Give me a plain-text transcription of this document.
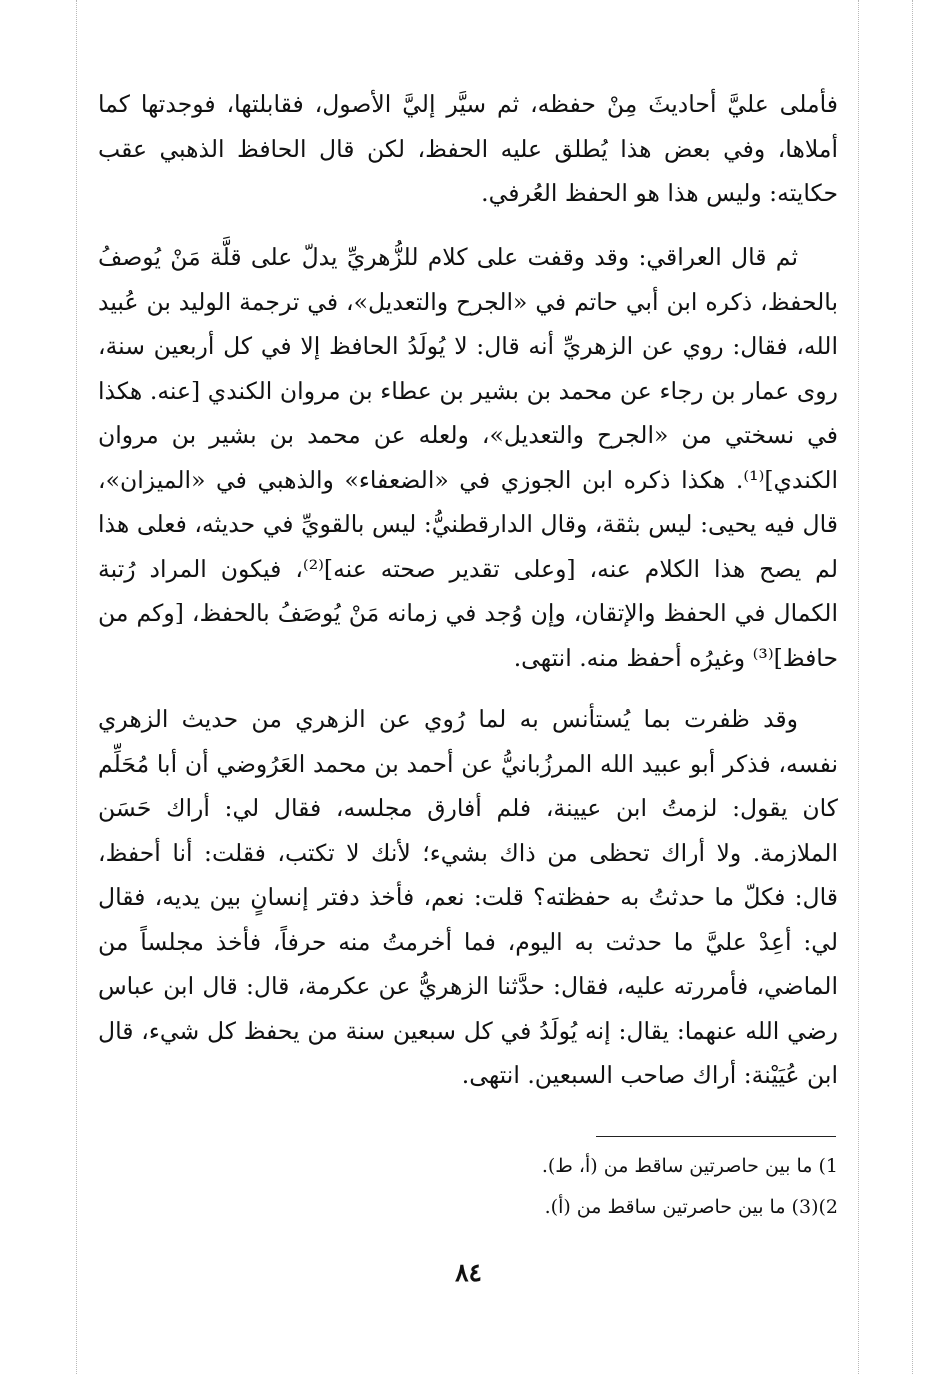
فأملى عليَّ أحاديثَ مِنْ حفظه، ثم سيَّر إليَّ الأصول، فقابلتها، فوجدتها كما أملاها، وفي بعض هذا يُطلق عليه الحفظ، لكن قال الحافظ الذهبي عقب حكايته: وليس هذا هو الحفظ العُرفي.

ثم قال العراقي: وقد وقفت على كلام للزُّهريِّ يدلّ على قلَّة مَنْ يُوصفُ بالحفظ، ذكره ابن أبي حاتم في «الجرح والتعديل»، في ترجمة الوليد بن عُبيد الله، فقال: روي عن الزهريِّ أنه قال: لا يُولَدُ الحافظ إلا في كل أربعين سنة، روى عمار بن رجاء عن محمد بن بشير بن عطاء بن مروان الكندي [عنه. هكذا في نسختي من «الجرح والتعديل»، ولعله عن محمد بن بشير بن مروان الكندي]⁽¹⁾. هكذا ذكره ابن الجوزي في «الضعفاء» والذهبي في «الميزان»، قال فيه يحيى: ليس بثقة، وقال الدارقطنيُّ: ليس بالقويِّ في حديثه، فعلى هذا لم يصح هذا الكلام عنه، [وعلى تقدير صحته عنه]⁽²⁾، فيكون المراد رُتبة الكمال في الحفظ والإتقان، وإن وُجد في زمانه مَنْ يُوصَفُ بالحفظ، [وكم من حافظ]⁽³⁾ وغيرُه أحفظ منه. انتهى.

وقد ظفرت بما يُستأنس به لما رُوي عن الزهري من حديث الزهري نفسه، فذكر أبو عبيد الله المرزُبانيُّ عن أحمد بن محمد العَرُوضي أن أبا مُحَلِّم كان يقول: لزمتُ ابن عيينة، فلم أفارق مجلسه، فقال لي: أراك حَسَن الملازمة. ولا أراك تحظى من ذاك بشيء؛ لأنك لا تكتب، فقلت: أنا أحفظ، قال: فكلّ ما حدثتُ به حفظته؟ قلت: نعم، فأخذ دفتر إنسانٍ بين يديه، فقال لي: أعِدْ عليَّ ما حدثت به اليوم، فما أخرمتُ منه حرفاً، فأخذ مجلساً من الماضي، فأمررته عليه، فقال: حدَّثنا الزهريُّ عن عكرمة، قال: قال ابن عباس رضي الله عنهما: يقال: إنه يُولَدُ في كل سبعين سنة من يحفظ كل شيء، قال ابن عُيَيْنة: أراك صاحب السبعين. انتهى.

1) ما بين حاصرتين ساقط من (أ، ط).

2)(3) ما بين حاصرتين ساقط من (أ).

٨٤
